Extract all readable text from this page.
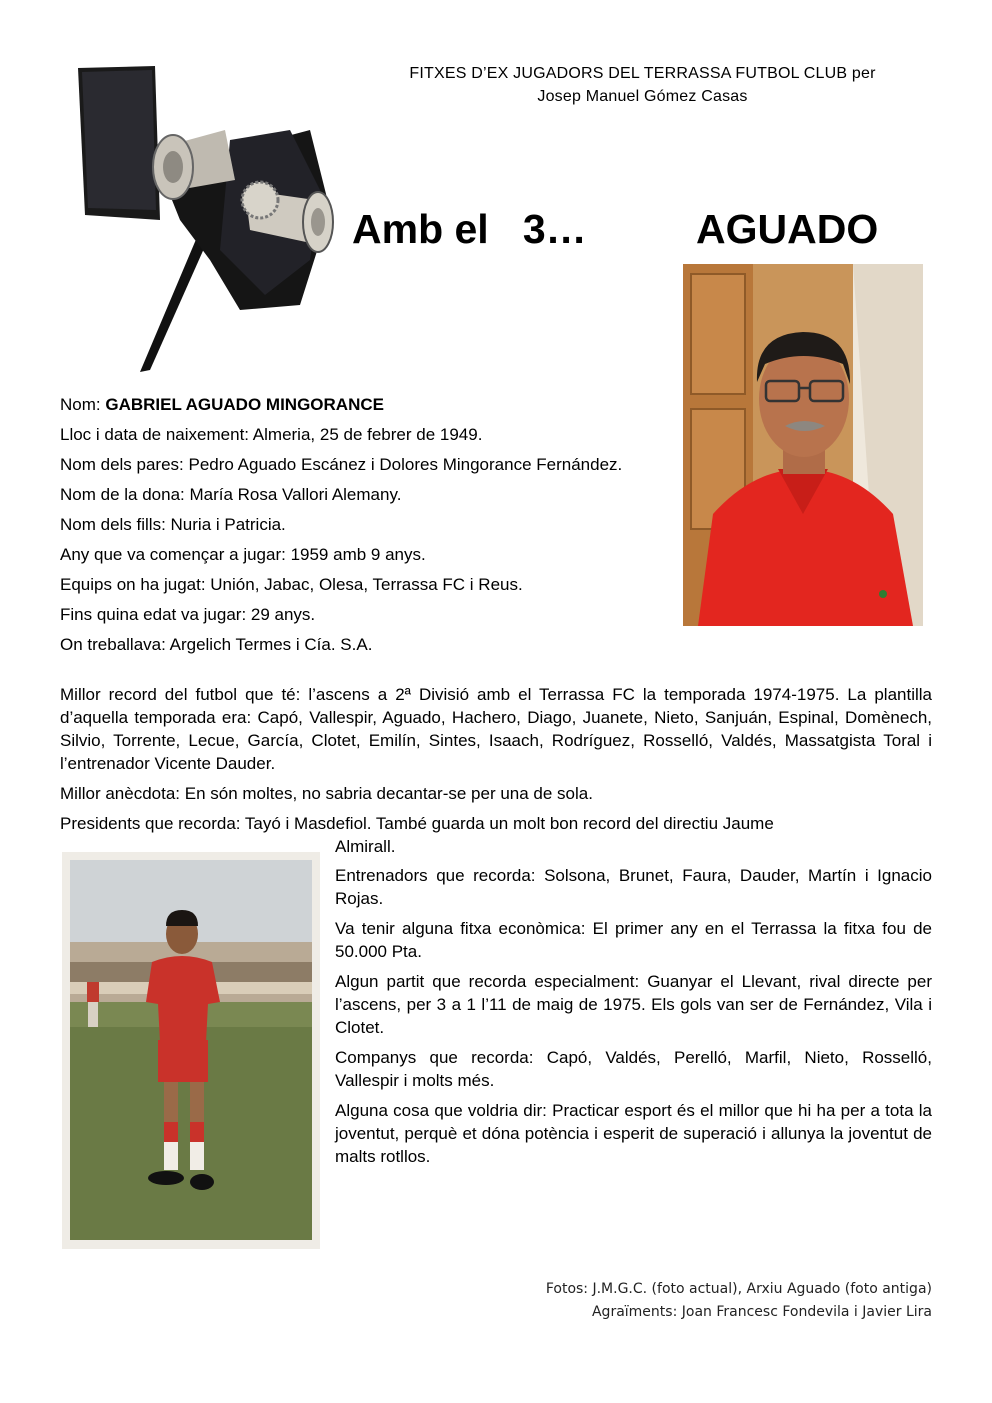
FITXES D’EX JUGADORS DEL TERRASSA FUTBOL CLUB per
Josep Manuel Gómez Casas
Amb el   3…	AGUADO

Nom: GABRIEL AGUADO MINGORANCE

Lloc i data de naixement: Almeria, 25 de febrer de 1949.

Nom dels pares: Pedro Aguado Escánez i Dolores Mingorance Fernández.

Nom de la dona: María Rosa Vallori Alemany.

Nom dels fills: Nuria i Patricia.

Any que va començar a jugar: 1959 amb 9 anys.

Equips on ha jugat: Unión, Jabac, Olesa, Terrassa FC i Reus.

Fins quina edat va jugar: 29 anys.

On treballava: Argelich Termes i Cía. S.A.

Millor record del futbol que té: l’ascens a 2ª Divisió amb el Terrassa FC la temporada 1974-1975. La plantilla d’aquella temporada era: Capó, Vallespir, Aguado, Hachero, Diago, Juanete, Nieto, Sanjuán, Espinal, Domènech, Silvio, Torrente, Lecue, García, Clotet, Emilín, Sintes, Isaach, Rodríguez, Rosselló, Valdés, Massatgista Toral i l’entrenador Vicente Dauder.

Millor anècdota: En són moltes, no sabria decantar-se per una de sola.

Presidents que recorda: Tayó i Masdefiol. També guarda un molt bon record del directiu Jaume

Almirall.

Entrenadors que recorda: Solsona, Brunet, Faura, Dauder, Martín i Ignacio Rojas.

Va tenir alguna fitxa econòmica: El primer any en el Terrassa la fitxa fou de 50.000 Pta.

Algun partit que recorda especialment: Guanyar el Llevant, rival directe per l’ascens, per 3 a 1 l’11 de maig de 1975. Els gols van ser de Fernández, Vila i Clotet.

Companys que recorda: Capó, Valdés, Perelló, Marfil, Nieto, Rosselló, Vallespir i molts més.

Alguna cosa que voldria dir: Practicar esport és el millor que hi ha per a tota la joventut, perquè et dóna potència i esperit de superació i allunya la joventut de malts rotllos.

Fotos: J.M.G.C. (foto actual), Arxiu Aguado (foto antiga)
Agraïments: Joan Francesc Fondevila i Javier Lira
